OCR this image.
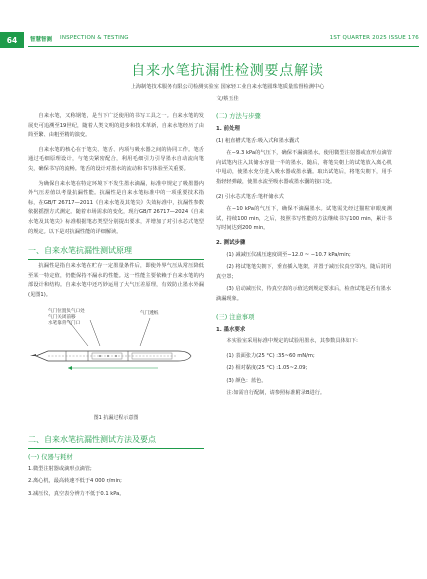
64	智慧智测 INSPECTION & TESTING	1ST QUARTER 2025 ISSUE 176
自来水笔抗漏性检测要点解读
上海制笔技术服务有限公司检测实验室 国家轻工业自来水笔圆珠笔质量监督检测中心
文/蔡玉佳

自来水笔，又称钢笔，是当下广泛使用的书写工具之一。自来水笔的发展史可追溯至19世纪，随着人类文明的进步和技术革新，自来水笔经历了由简至繁、由粗至精的演变。

自来水笔的核心在于笔尖、笔舌、内项与吸水器之间的协同工作。笔舌通过毛细原理设计，与笔尖紧密配合，利用毛细引力引导墨水自动流向笔尖，确保书写的流畅。笔舌的设计对墨水的流动和书写体验至关重要。

为确保自来水笔在特定环境下不发生墨水滴漏，标准中规定了吸墨器内外气压差值以考量抗漏性能。抗漏性是自来水笔标准中的一项重要技术指标，在GB/T 26717—2011《自来水笔及其笔尖》失效标准中，抗漏性参数依据摇摆方式测定。随着市场需求的变化，现行GB/T 26717—2024《自来水笔及其笔尖》标准根据笔态类型分别提出要求，并增加了对引水芯式笔型的规定。以下是对抗漏性能的详细解读。

一、自来水笔抗漏性测试原理

抗漏性是指自来水笔在贮存一定墨量条件后，即使外界气压从常压降低至某一特定值，仍能保持不漏水的性能。这一性能主要依赖于自来水笔的内部设计和结构。自来水笔中还巧妙运用了大气压差原理，有效防止墨水外漏(见图1)。

气门位置负气口处
气门关闭前移
水笔靠背气门口
气门透纸
图1 抗漏过程示意图
二、自来水笔抗漏性测试方法及要点
(一) 仪器与耗材

1.微型注射器或滴形点滴管;

2.离心机，最高转速不低于4 000 r/min;

3.减压仪，真空表分辨力不低于0.1 kPa。

(二) 方法与步骤
1. 前处理

(1) 租直槽式笔舌:吸入式和墨水囊式

在−9.3 kPa的气压下，确保不漏滴墨水。使用微型注射器或直形点滴管向试笔内注入其储水容量一半的墨水，随后，将笔尖朝上的试笔放入离心机中甩动，使墨水充分进入吸水器或墨水囊。取出试笔后，将笔尖朝下，用手指轻轻弹敲，使墨水流至吸水器或墨水囊的接口处。

(2) 引水芯式笔舌:笔杆储水式

在−10 kPa的气压下，确保不滴漏墨水。试笔需先经过猫粒审眼度测试，持续100 min，之后，按照书写性能的方法继续书写100 min，累计书写时间达到200 min。

2. 测试步骤

(1) 减减压仪减压速度调至−12.0 ~ −10.7 kPa/min;

(2) 将试笔笔尖朝下，垂直插入笔架，并置于减压仪真空罩内，随后封闭真空罩;

(3) 启动减压仪，待真空表的示值达到规定要求后，检查试笔是否有墨水滴漏现象。

(三) 注意事项
1. 墨水要求

本实验室采用标准中规定的试验用墨水，其参数具体如下:

(1) 表面张力(25 °C) :35~60 mN/m;

(2) 相对黏度(25 °C) :1.05~2.09;

(3) 颜色：蓝色。

注:如需自行配制，请参照标准附录B进行。
